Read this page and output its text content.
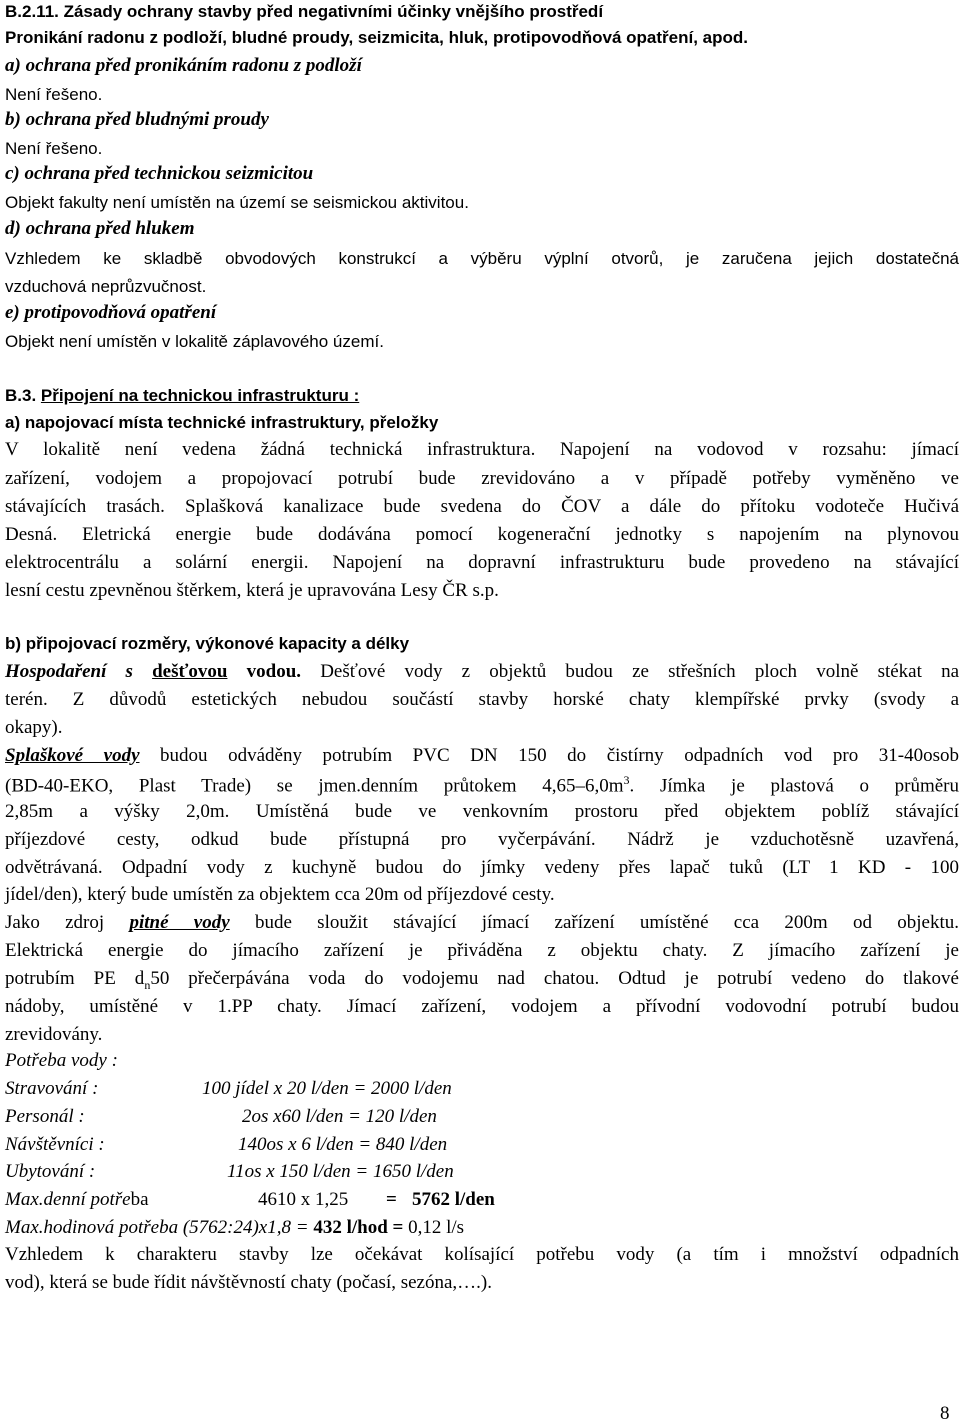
B.2.11. Zásady ochrany stavby před negativními účinky vnějšího prostředí
Pronikání radonu z podloží, bludné proudy, seizmicita, hluk, protipovodňová opatření, apod.
a) ochrana před pronikáním radonu z podloží
Není řešeno.
b) ochrana před bludnými proudy
Není řešeno.
c) ochrana před technickou seizmicitou
Objekt fakulty není umístěn na území se seismickou aktivitou.
d) ochrana před hlukem
Vzhledem ke skladbě obvodových konstrukcí a výběru výplní otvorů, je zaručena jejich dostatečná
vzduchová neprůzvučnost.
e) protipovodňová opatření
Objekt není umístěn v lokalitě záplavového území.
B.3. Připojení na technickou infrastrukturu :
a) napojovací místa technické infrastruktury, přeložky
V lokalitě není vedena žádná technická infrastruktura. Napojení na vodovod v rozsahu: jímací
zařízení, vodojem a propojovací potrubí bude zrevidováno a v případě potřeby vyměněno ve
stávajících trasách. Splašková kanalizace bude svedena do ČOV a dále do přítoku vodoteče Hučivá
Desná. Eletrická energie bude dodávána pomocí kogenerační jednotky s napojením na plynovou
elektrocentrálu a solární energii. Napojení na dopravní infrastrukturu bude provedeno na stávající
lesní cestu zpevněnou štěrkem, která je upravována Lesy ČR s.p.
b) připojovací rozměry, výkonové kapacity a délky
Hospodaření s dešťovou vodou. Dešťové vody z objektů budou ze střešních ploch volně stékat na
terén. Z důvodů estetických nebudou součástí stavby horské chaty klempířské prvky (svody a
okapy).
Splaškové vody budou odváděny potrubím PVC DN 150 do čistírny odpadních vod pro 31-40osob
(BD-40-EKO, Plast Trade) se jmen.denním průtokem $4,65-6,0m^3$. Jímka je plastová o průměru
2,85m a výšky 2,0m. Umístěná bude ve venkovním prostoru před objektem poblíž stávající
příjezdové cesty, odkud bude přístupná pro vyčerpávání. Nádrž je vzduchotěsně uzavřená,
odvětrávaná. Odpadní vody z kuchyně budou do jímky vedeny přes lapač tuků (LT 1 KD - 100
jídel/den), který bude umístěn za objektem cca 20m od příjezdové cesty.
Jako zdroj pitné vody bude sloužit stávající jímací zařízení umístěné cca 200m od objektu.
Elektrická energie do jímacího zařízení je přiváděna z objektu chaty. Z jímacího zařízení je
potrubím PE $d_n50$ přečerpávána voda do vodojemu nad chatou. Odtud je potrubí vedeno do tlakové
nádoby, umístěné v 1.PP chaty. Jímací zařízení, vodojem a přívodní vodovodní potrubí budou
zrevidovány.
Potřeba vody :
Stravování :	100 jídel x 20 l/den = 2000 l/den
Personál :	2os x60 l/den = 120 l/den
Návštěvníci :	140os x 6 l/den = 840 l/den
Ubytování :	11os x 150 l/den = 1650 l/den
Max.denní potřeba	4610 x 1,25 = 5762 l/den
Max.hodinová potřeba (5762:24)x1,8 = 432 l/hod = 0,12 l/s
Vzhledem k charakteru stavby lze očekávat kolísající potřebu vody (a tím i množství odpadních
vod), která se bude řídit návštěvností chaty (počasí, sezóna,….).
8
